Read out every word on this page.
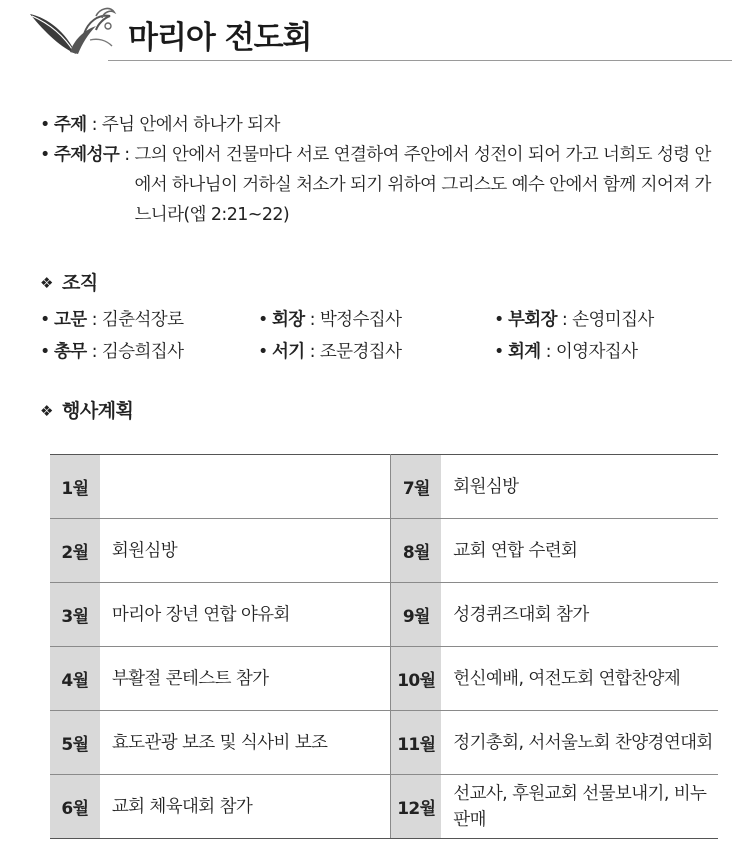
마리아 전도회
• 주제 : 주님 안에서 하나가 되자
• 주제성구 : 그의 안에서 건물마다 서로 연결하여 주안에서 성전이 되어 가고 너희도 성령 안에서 하나님이 거하실 처소가 되기 위하여 그리스도 예수 안에서 함께 지어져 가느니라(엡 2:21~22)
❖ 조직
• 고문 : 김춘석장로	• 회장 : 박정수집사	• 부회장 : 손영미집사
• 총무 : 김승희집사	• 서기 : 조문경집사	• 회계 : 이영자집사
❖ 행사계획
1월		7월	회원심방
2월	회원심방	8월	교회 연합 수련회
3월	마리아 장년 연합 야유회	9월	성경퀴즈대회 참가
4월	부활절 콘테스트 참가	10월	헌신예배, 여전도회 연합찬양제
5월	효도관광 보조 및 식사비 보조	11월	정기총회, 서서울노회 찬양경연대회
6월	교회 체육대회 참가	12월	선교사, 후원교회 선물보내기, 비누판매
